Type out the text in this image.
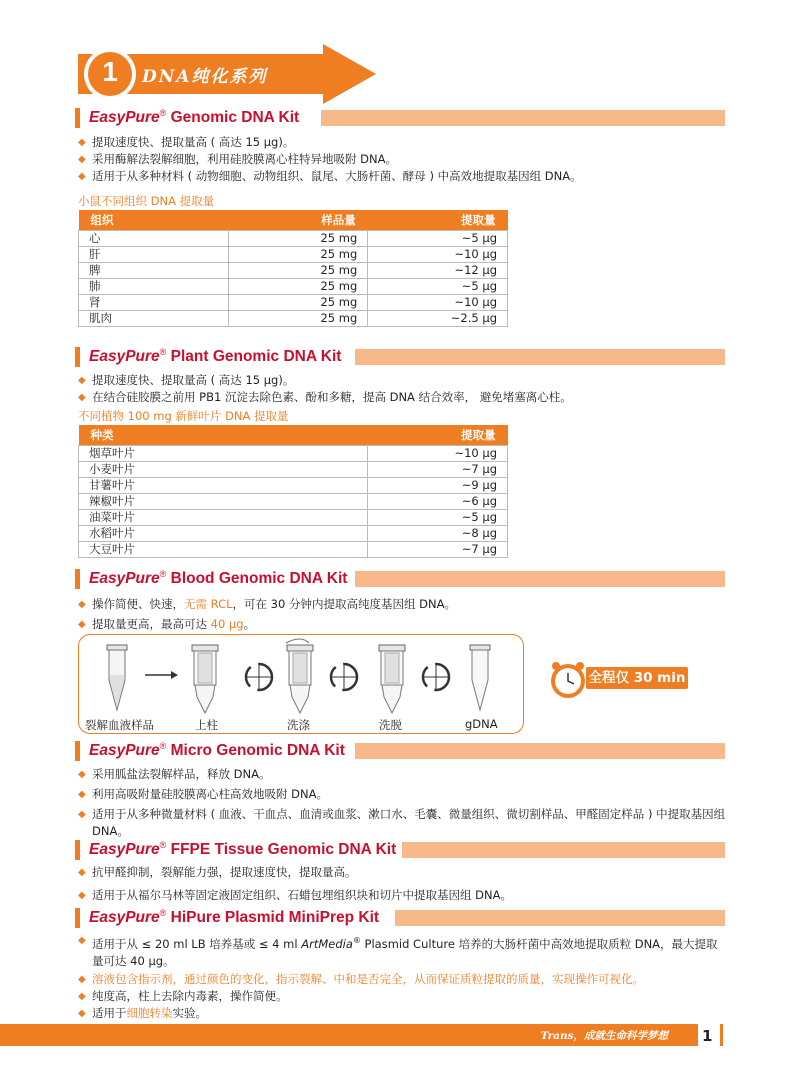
1 DNA纯化系列
EasyPure® Genomic DNA Kit
◆ 提取速度快、提取量高 ( 高达 15 μg)。
◆ 采用酶解法裂解细胞，利用硅胶膜离心柱特异地吸附 DNA。
◆ 适用于从多种材料 ( 动物细胞、动物组织、鼠尾、大肠杆菌、酵母 ) 中高效地提取基因组 DNA。
小鼠不同组织 DNA 提取量
组织	样品量	提取量
心	25 mg	~5 μg
肝	25 mg	~10 μg
脾	25 mg	~12 μg
肺	25 mg	~5 μg
肾	25 mg	~10 μg
肌肉	25 mg	~2.5 μg
EasyPure® Plant Genomic DNA Kit
◆ 提取速度快、提取量高 ( 高达 15 μg)。
◆ 在结合硅胶膜之前用 PB1 沉淀去除色素、酚和多糖，提高 DNA 结合效率， 避免堵塞离心柱。
不同植物 100 mg 新鲜叶片 DNA 提取量
种类	提取量
烟草叶片	~10 μg
小麦叶片	~7 μg
甘薯叶片	~9 μg
辣椒叶片	~6 μg
油菜叶片	~5 μg
水稻叶片	~8 μg
大豆叶片	~7 μg
EasyPure® Blood Genomic DNA Kit
◆ 操作简便、快速，无需 RCL，可在 30 分钟内提取高纯度基因组 DNA。
◆ 提取量更高，最高可达 40 μg。
裂解血液样品	上柱	洗涤	洗脱	gDNA
全程仅 30 min
EasyPure® Micro Genomic DNA Kit
◆ 采用胍盐法裂解样品，释放 DNA。
◆ 利用高吸附量硅胶膜离心柱高效地吸附 DNA。
◆ 适用于从多种微量材料 ( 血液、干血点、血清或血浆、漱口水、毛囊、微量组织、微切割样品、甲醛固定样品 ) 中提取基因组 DNA。
EasyPure® FFPE Tissue Genomic DNA Kit
◆ 抗甲醛抑制，裂解能力强，提取速度快，提取量高。
◆ 适用于从福尔马林等固定液固定组织、石蜡包埋组织块和切片中提取基因组 DNA。
EasyPure® HiPure Plasmid MiniPrep Kit
◆ 适用于从 ≤ 20 ml LB 培养基或 ≤ 4 ml ArtMedia® Plasmid Culture 培养的大肠杆菌中高效地提取质粒 DNA，最大提取量可达 40 μg。
◆ 溶液包含指示剂，通过颜色的变化，指示裂解、中和是否完全，从而保证质粒提取的质量，实现操作可视化。
◆ 纯度高，柱上去除内毒素，操作简便。
◆ 适用于细胞转染实验。
Trans，成就生命科学梦想 1
